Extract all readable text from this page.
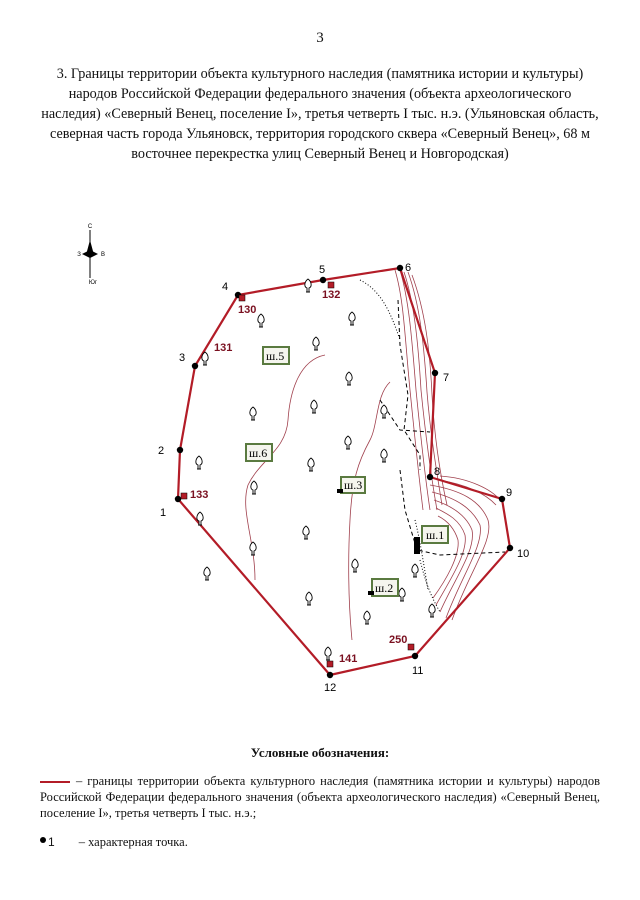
3
3. Границы территории объекта культурного наследия (памятника истории и культуры) народов Российской Федерации федерального значения (объекта археологического наследия) «Северный Венец, поселение I», третья четверть I тыс. н.э. (Ульяновская область, северная часть города Ульяновск, территория городского сквера «Северный Венец», 68 м восточнее перекрестка улиц Северный Венец и Новгородская)
С
З	В
Юг
1
2
3
4
5	6
7
8
9
10
11
12
130
131
132
133
141
250
ш.1
ш.2
ш.3
ш.5
ш.6
Условные обозначения:
– границы территории объекта культурного наследия (памятника истории и культуры) народов Российской Федерации федерального значения (объекта археологического наследия) «Северный Венец, поселение I», третья четверть I тыс. н.э.;
1 – характерная точка.
